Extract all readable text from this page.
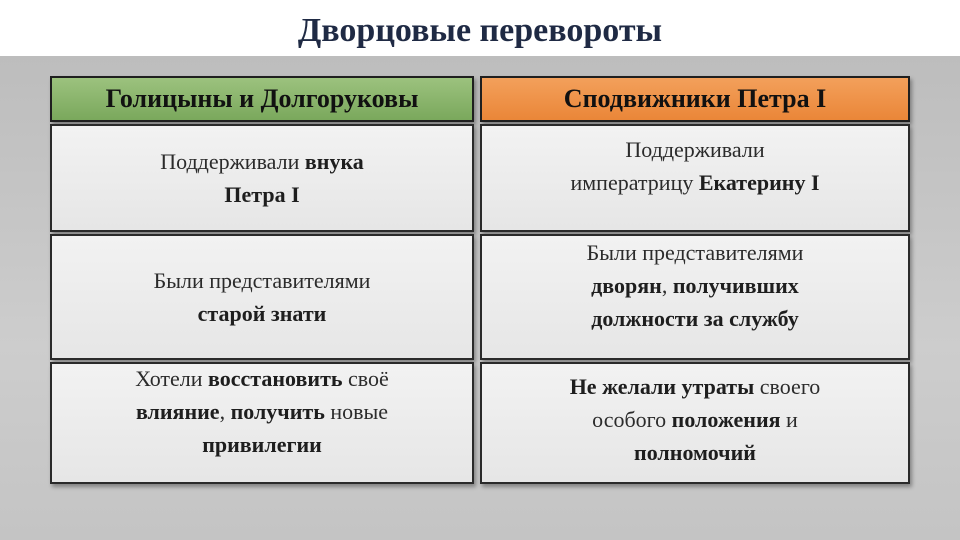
Дворцовые перевороты
Голицыны и Долгоруковы	Сподвижники Петра I
Поддерживали внука
Петра I
Поддерживали
императрицу Екатерину I
Были представителями
старой знати
Были представителями
дворян, получивших
должности за службу
Хотели восстановить своё
влияние, получить новые
привилегии
Не желали утраты своего
особого положения и
полномочий
